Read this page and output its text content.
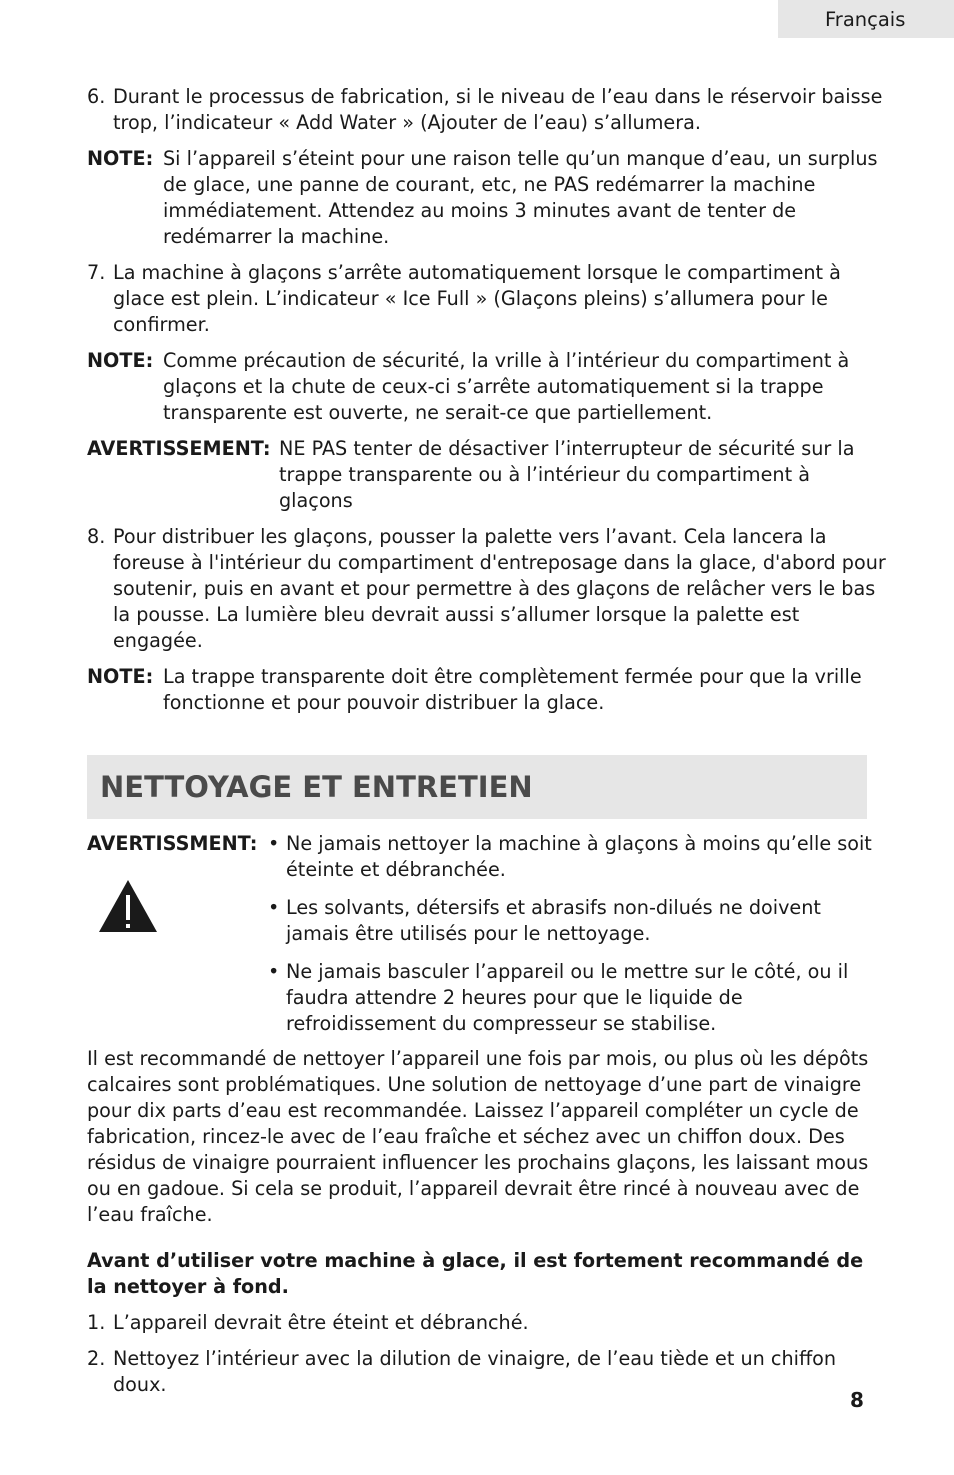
Français

6. Durant le processus de fabrication, si le niveau de l’eau dans le réservoir baisse trop, l’indicateur « Add Water » (Ajouter de l’eau) s’allumera.

NOTE: Si l’appareil s’éteint pour une raison telle qu’un manque d’eau, un surplus de glace, une panne de courant, etc, ne PAS redémarrer la machine immédiatement. Attendez au moins 3 minutes avant de tenter de redémarrer la machine.

7. La machine à glaçons s’arrête automatiquement lorsque le compartiment à glace est plein. L’indicateur « Ice Full » (Glaçons pleins) s’allumera pour le confirmer.

NOTE: Comme précaution de sécurité, la vrille à l’intérieur du compartiment à glaçons et la chute de ceux-ci s’arrête automatiquement si la trappe transparente est ouverte, ne serait-ce que partiellement.

AVERTISSEMENT: NE PAS tenter de désactiver l’interrupteur de sécurité sur la trappe transparente ou à l’intérieur du compartiment à glaçons

8. Pour distribuer les glaçons, pousser la palette vers l’avant. Cela lancera la foreuse à l'intérieur du compartiment d'entreposage dans la glace, d'abord pour soutenir, puis en avant et pour permettre à des glaçons de relâcher vers le bas la pousse. La lumière bleu devrait aussi s’allumer lorsque la palette est engagée.

NOTE: La trappe transparente doit être complètement fermée pour que la vrille fonctionne et pour pouvoir distribuer la glace.

NETTOYAGE ET ENTRETIEN
AVERTISSMENT: • Ne jamais nettoyer la machine à glaçons à moins qu’elle soit éteinte et débranchée.

• Les solvants, détersifs et abrasifs non-dilués ne doivent jamais être utilisés pour le nettoyage.

• Ne jamais basculer l’appareil ou le mettre sur le côté, ou il faudra attendre 2 heures pour que le liquide de refroidissement du compresseur se stabilise.

Il est recommandé de nettoyer l’appareil une fois par mois, ou plus où les dépôts calcaires sont problématiques. Une solution de nettoyage d’une part de vinaigre pour dix parts d’eau est recommandée. Laissez l’appareil compléter un cycle de fabrication, rincez-le avec de l’eau fraîche et séchez avec un chiffon doux. Des résidus de vinaigre pourraient influencer les prochains glaçons, les laissant mous ou en gadoue. Si cela se produit, l’appareil devrait être rincé à nouveau avec de l’eau fraîche.

Avant d’utiliser votre machine à glace, il est fortement recommandé de la nettoyer à fond.

1. L’appareil devrait être éteint et débranché.

2. Nettoyez l’intérieur avec la dilution de vinaigre, de l’eau tiède et un chiffon doux.

8
